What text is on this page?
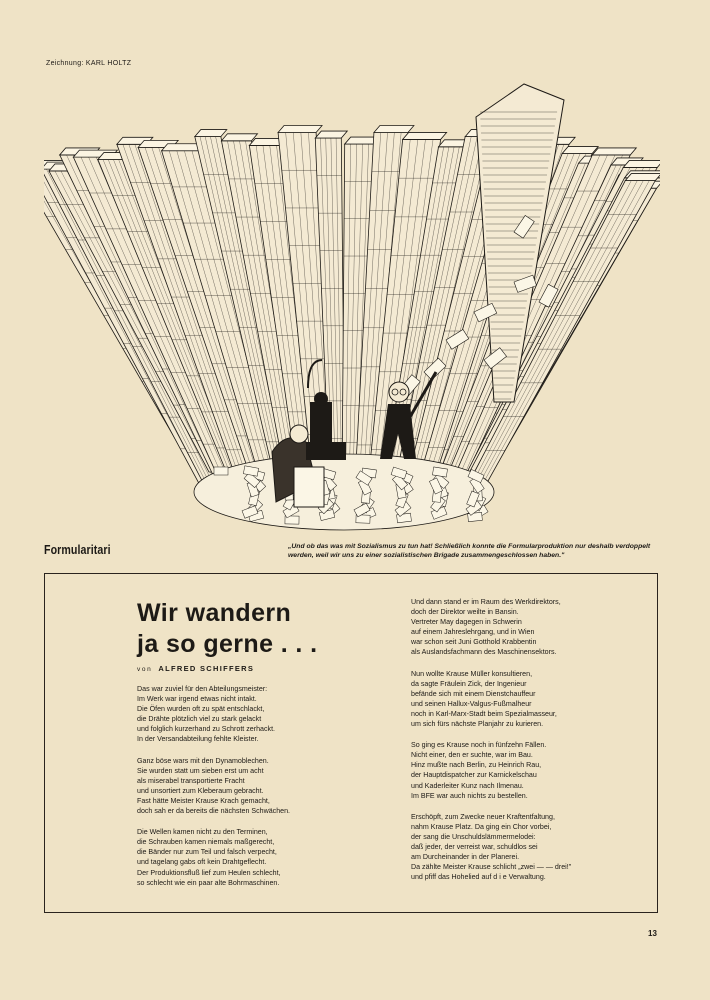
Zeichnung: KARL HOLTZ
Formularitari	„Und ob das was mit Sozialismus zu tun hat! Schließlich konnte die Formularproduktion nur deshalb verdoppelt werden, weil wir uns zu einer sozialistischen Brigade zusammengeschlossen haben."
Wir wandern
ja so gerne . . .
von ALFRED SCHIFFERS
Das war zuviel für den Abteilungsmeister:
Im Werk war irgend etwas nicht intakt.
Die Öfen wurden oft zu spät entschlackt,
die Drähte plötzlich viel zu stark gelackt
und folglich kurzerhand zu Schrott zerhackt.
In der Versandabteilung fehlte Kleister.
Ganz böse wars mit den Dynamoblechen.
Sie wurden statt um sieben erst um acht
als miserabel transportierte Fracht
und unsortiert zum Kleberaum gebracht.
Fast hätte Meister Krause Krach gemacht,
doch sah er da bereits die nächsten Schwächen.
Die Wellen kamen nicht zu den Terminen,
die Schrauben kamen niemals maßgerecht,
die Bänder nur zum Teil und falsch verpecht,
und tagelang gabs oft kein Drahtgeflecht.
Der Produktionsfluß lief zum Heulen schlecht,
so schlecht wie ein paar alte Bohrmaschinen.
Und dann stand er im Raum des Werkdirektors,
doch der Direktor weilte in Bansin.
Vertreter May dagegen in Schwerin
auf einem Jahreslehrgang, und in Wien
war schon seit Juni Gotthold Krabbentin
als Auslandsfachmann des Maschinensektors.
Nun wollte Krause Müller konsultieren,
da sagte Fräulein Zick, der Ingenieur
befände sich mit einem Dienstchauffeur
und seinen Hallux-Valgus-Fußmalheur
noch in Karl-Marx-Stadt beim Spezialmasseur,
um sich fürs nächste Planjahr zu kurieren.
So ging es Krause noch in fünfzehn Fällen.
Nicht einer, den er suchte, war im Bau.
Hinz mußte nach Berlin, zu Heinrich Rau,
der Hauptdispatcher zur Karnickelschau
und Kaderleiter Kunz nach Ilmenau.
Im BFE war auch nichts zu bestellen.
Erschöpft, zum Zwecke neuer Kraftentfaltung,
nahm Krause Platz. Da ging ein Chor vorbei,
der sang die Unschuldslämmermelodei:
daß jeder, der verreist war, schuldlos sei
am Durcheinander in der Planerei.
Da zählte Meister Krause schlicht „zwei — — drei!"
und pfiff das Hohelied auf d i e Verwaltung.
13
